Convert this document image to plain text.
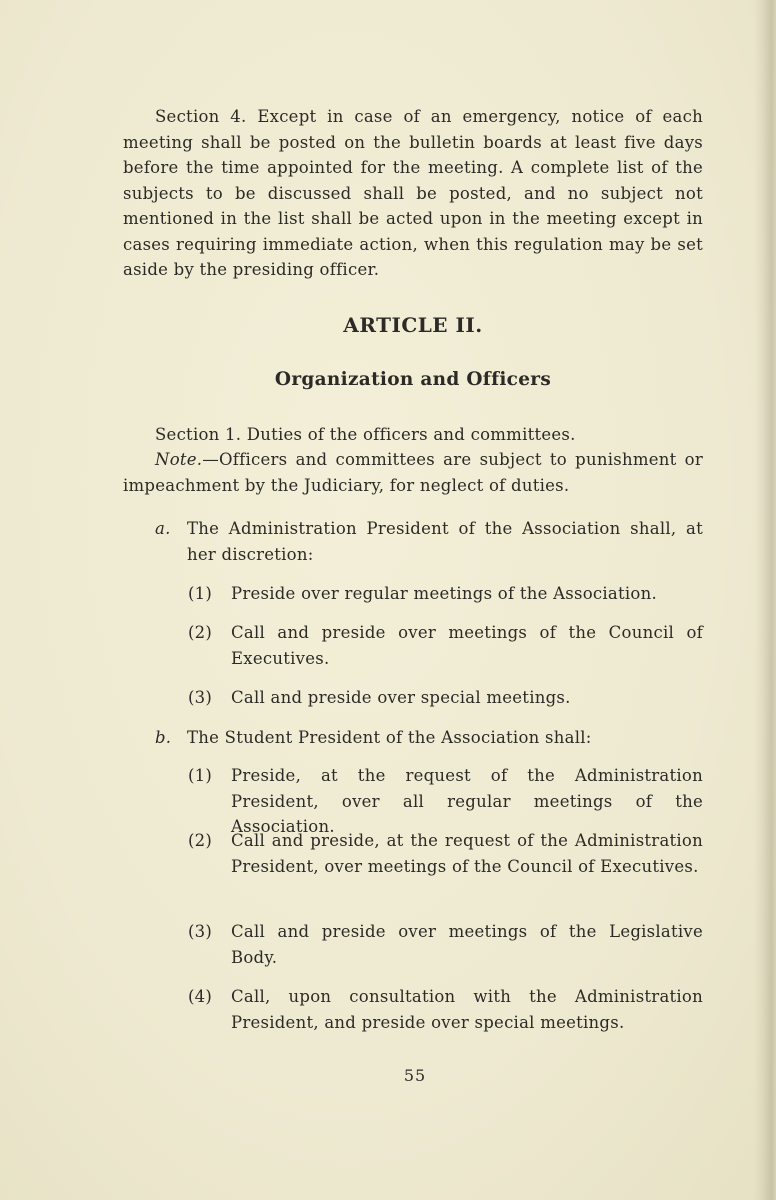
Section 4. Except in case of an emergency, notice of each meeting shall be posted on the bulletin boards at least five days before the time appointed for the meeting. A complete list of the subjects to be discussed shall be posted, and no subject not mentioned in the list shall be acted upon in the meeting except in cases requiring immediate action, when this regulation may be set aside by the presiding officer.
ARTICLE II.
Organization and Officers
Section 1. Duties of the officers and committees.
Note.—Officers and committees are subject to punishment or impeachment by the Judiciary, for neglect of duties.
a. The Administration President of the Association shall, at her discretion:
(1) Preside over regular meetings of the Association.
(2) Call and preside over meetings of the Council of Executives.
(3) Call and preside over special meetings.
b. The Student President of the Association shall:
(1) Preside, at the request of the Administration President, over all regular meetings of the Association.
(2) Call and preside, at the request of the Administration President, over meetings of the Council of Executives.
(3) Call and preside over meetings of the Legislative Body.
(4) Call, upon consultation with the Administration President, and preside over special meetings.
55
